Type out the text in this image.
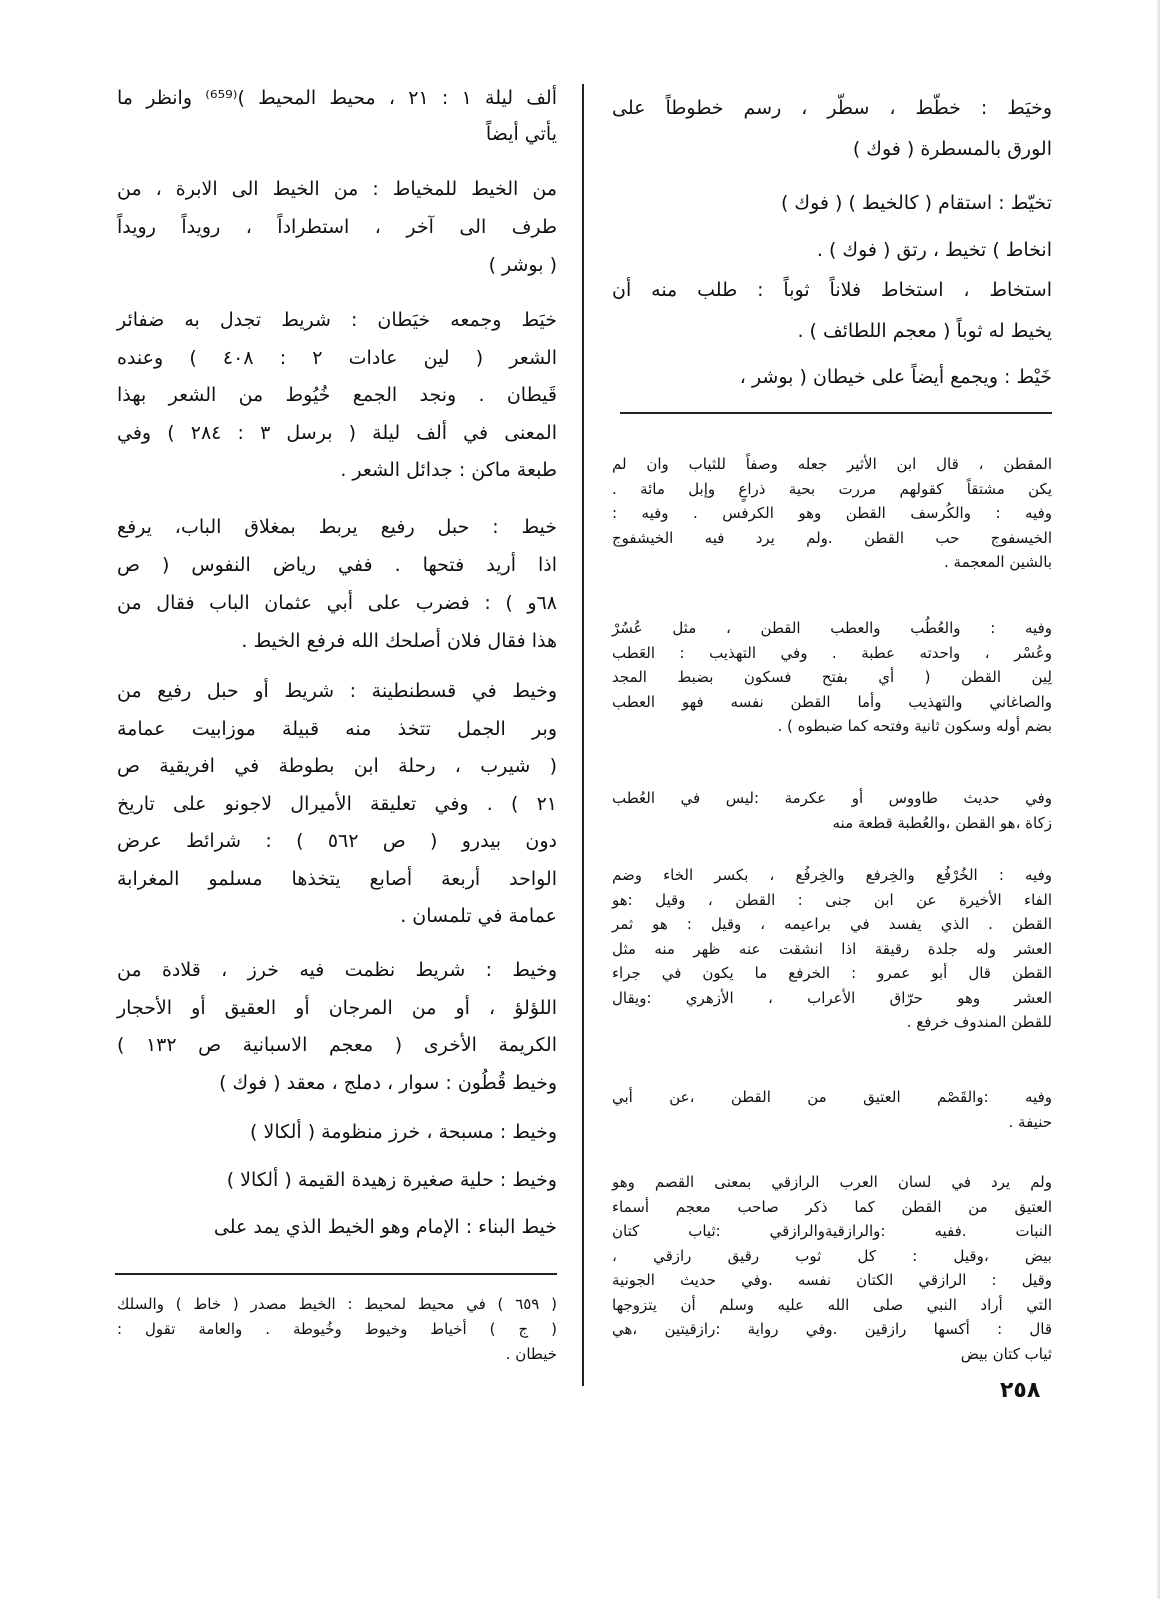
وخيَط : خطّط ، سطّر ، رسم خطوطاً على
الورق بالمسطرة ( فوك )
تخيّط : استقام ( كالخيط ) ( فوك )
انخاط ) تخيط ، رتق ( فوك ) .
استخاط ، استخاط فلاناً ثوباً : طلب منه أن
يخيط له ثوباً ( معجم اللطائف ) .
خَيْط : ويجمع أيضاً على خيطان ( بوشر ،
المقطن ، قال ابن الأثير جعله وصفاً للثياب وان لم
يكن مشتقاً كقولهم مررت بحية ذراعٍ وإبل مائة .
وفيه : والكُرسف القطن وهو الكرفس . وفيه :
الخيسفوج حب القطن .ولم يرد فيه الخيشفوج
بالشين المعجمة .
وفيه : والعُطُب والعطب القطن ، مثل عُسُرْ
وعُسْر ، واحدته عطبة . وفي التهذيب : العَطب
لِين القطن ( أي بفتح فسكون بضبط المجد
والصاغاني والتهذيب وأما القطن نفسه فهو العطب
بضم أوله وسكون ثانية وفتحه كما ضبطوه ) .
وفي حديث طاووس أو عكرمة :ليس في العُطب
زكاة ،هو القطن ،والعُطبة قطعة منه
وفيه : الخُرْفُع والخِرفع والخِرفُع ، بكسر الخاء وضم
الفاء الأخيرة عن ابن جنى : القطن ، وقيل :هو
القطن . الذي يفسد في براعيمه ، وقيل : هو ثمر
العشر وله جلدة رقيقة اذا انشقت عنه ظهر منه مثل
القطن قال أبو عمرو : الخرفع ما يكون في جراء
العشر وهو حرّاق الأعراب ، الأزهري :ويقال
للقطن المندوف خرفع .
وفيه :والقَصْم العتيق من القطن ،عن أبي
حنيفة .
ولم يرد في لسان العرب الرازقي بمعنى القصم وهو
العتيق من القطن كما ذكر صاحب معجم أسماء
النبات .ففيه :والرازقيةوالرازقي :ثياب كتان
بيض ،وقيل : كل ثوب رقيق رازقي ،
وقيل : الرازقي الكتان نفسه .وفي حديث الجونية
التي أراد النبي صلى الله عليه وسلم أن يتزوجها
قال : أكسها رازقين .وفي رواية :رازقيتين ،هي
ثياب كتان بيض
ألف ليلة ١ : ٢١ ، محيط المحيط )⁽⁶⁵⁹⁾ وانظر ما
يأتي أيضاً
من الخيط للمخياط : من الخيط الى الابرة ، من
طرف الى آخر ، استطراداً ، رويداً رويداً
( بوشر )
خيَط وجمعه خيَطان : شريط تجدل به ضفائر
الشعر ( لين عادات ٢ : ٤٠٨ ) وعنده
قَيطان . ونجد الجمع خُيُوط من الشعر بهذا
المعنى في ألف ليلة ( برسل ٣ : ٢٨٤ ) وفي
طبعة ماكن : جدائل الشعر .
خيط : حبل رفيع يربط بمغلاق الباب، يرفع
اذا أريد فتحها . ففي رياض النفوس ( ص
٦٨و ) : فضرب على أبي عثمان الباب فقال من
هذا فقال فلان أصلحك الله فرفع الخيط .
وخيط في قسطنطينة : شريط أو حبل رفيع من
وبر الجمل تتخذ منه قبيلة موزابيت عمامة
( شيرب ، رحلة ابن بطوطة في افريقية ص
٢١ ) . وفي تعليقة الأميرال لاجونو على تاريخ
دون بيدرو ( ص ٥٦٢ ) : شرائط عرض
الواحد أربعة أصابع يتخذها مسلمو المغرابة
عمامة في تلمسان .
وخيط : شريط نظمت فيه خرز ، قلادة من
اللؤلؤ ، أو من المرجان أو العقيق أو الأحجار
الكريمة الأخرى ( معجم الاسبانية ص ١٣٢ )
وخيط قُطُون : سوار ، دملج ، معقد ( فوك )
وخيط : مسبحة ، خرز منظومة ( ألكالا )
وخيط : حلية صغيرة زهيدة القيمة ( ألكالا )
خيط البناء : الإمام وهو الخيط الذي يمد على
( ٦٥٩ ) في محيط لمحيط : الخيط مصدر ( خاط ) والسلك
( ج ) أخياط وخيوط وخُيوطة . والعامة تقول :
خيطان .
٢٥٨
